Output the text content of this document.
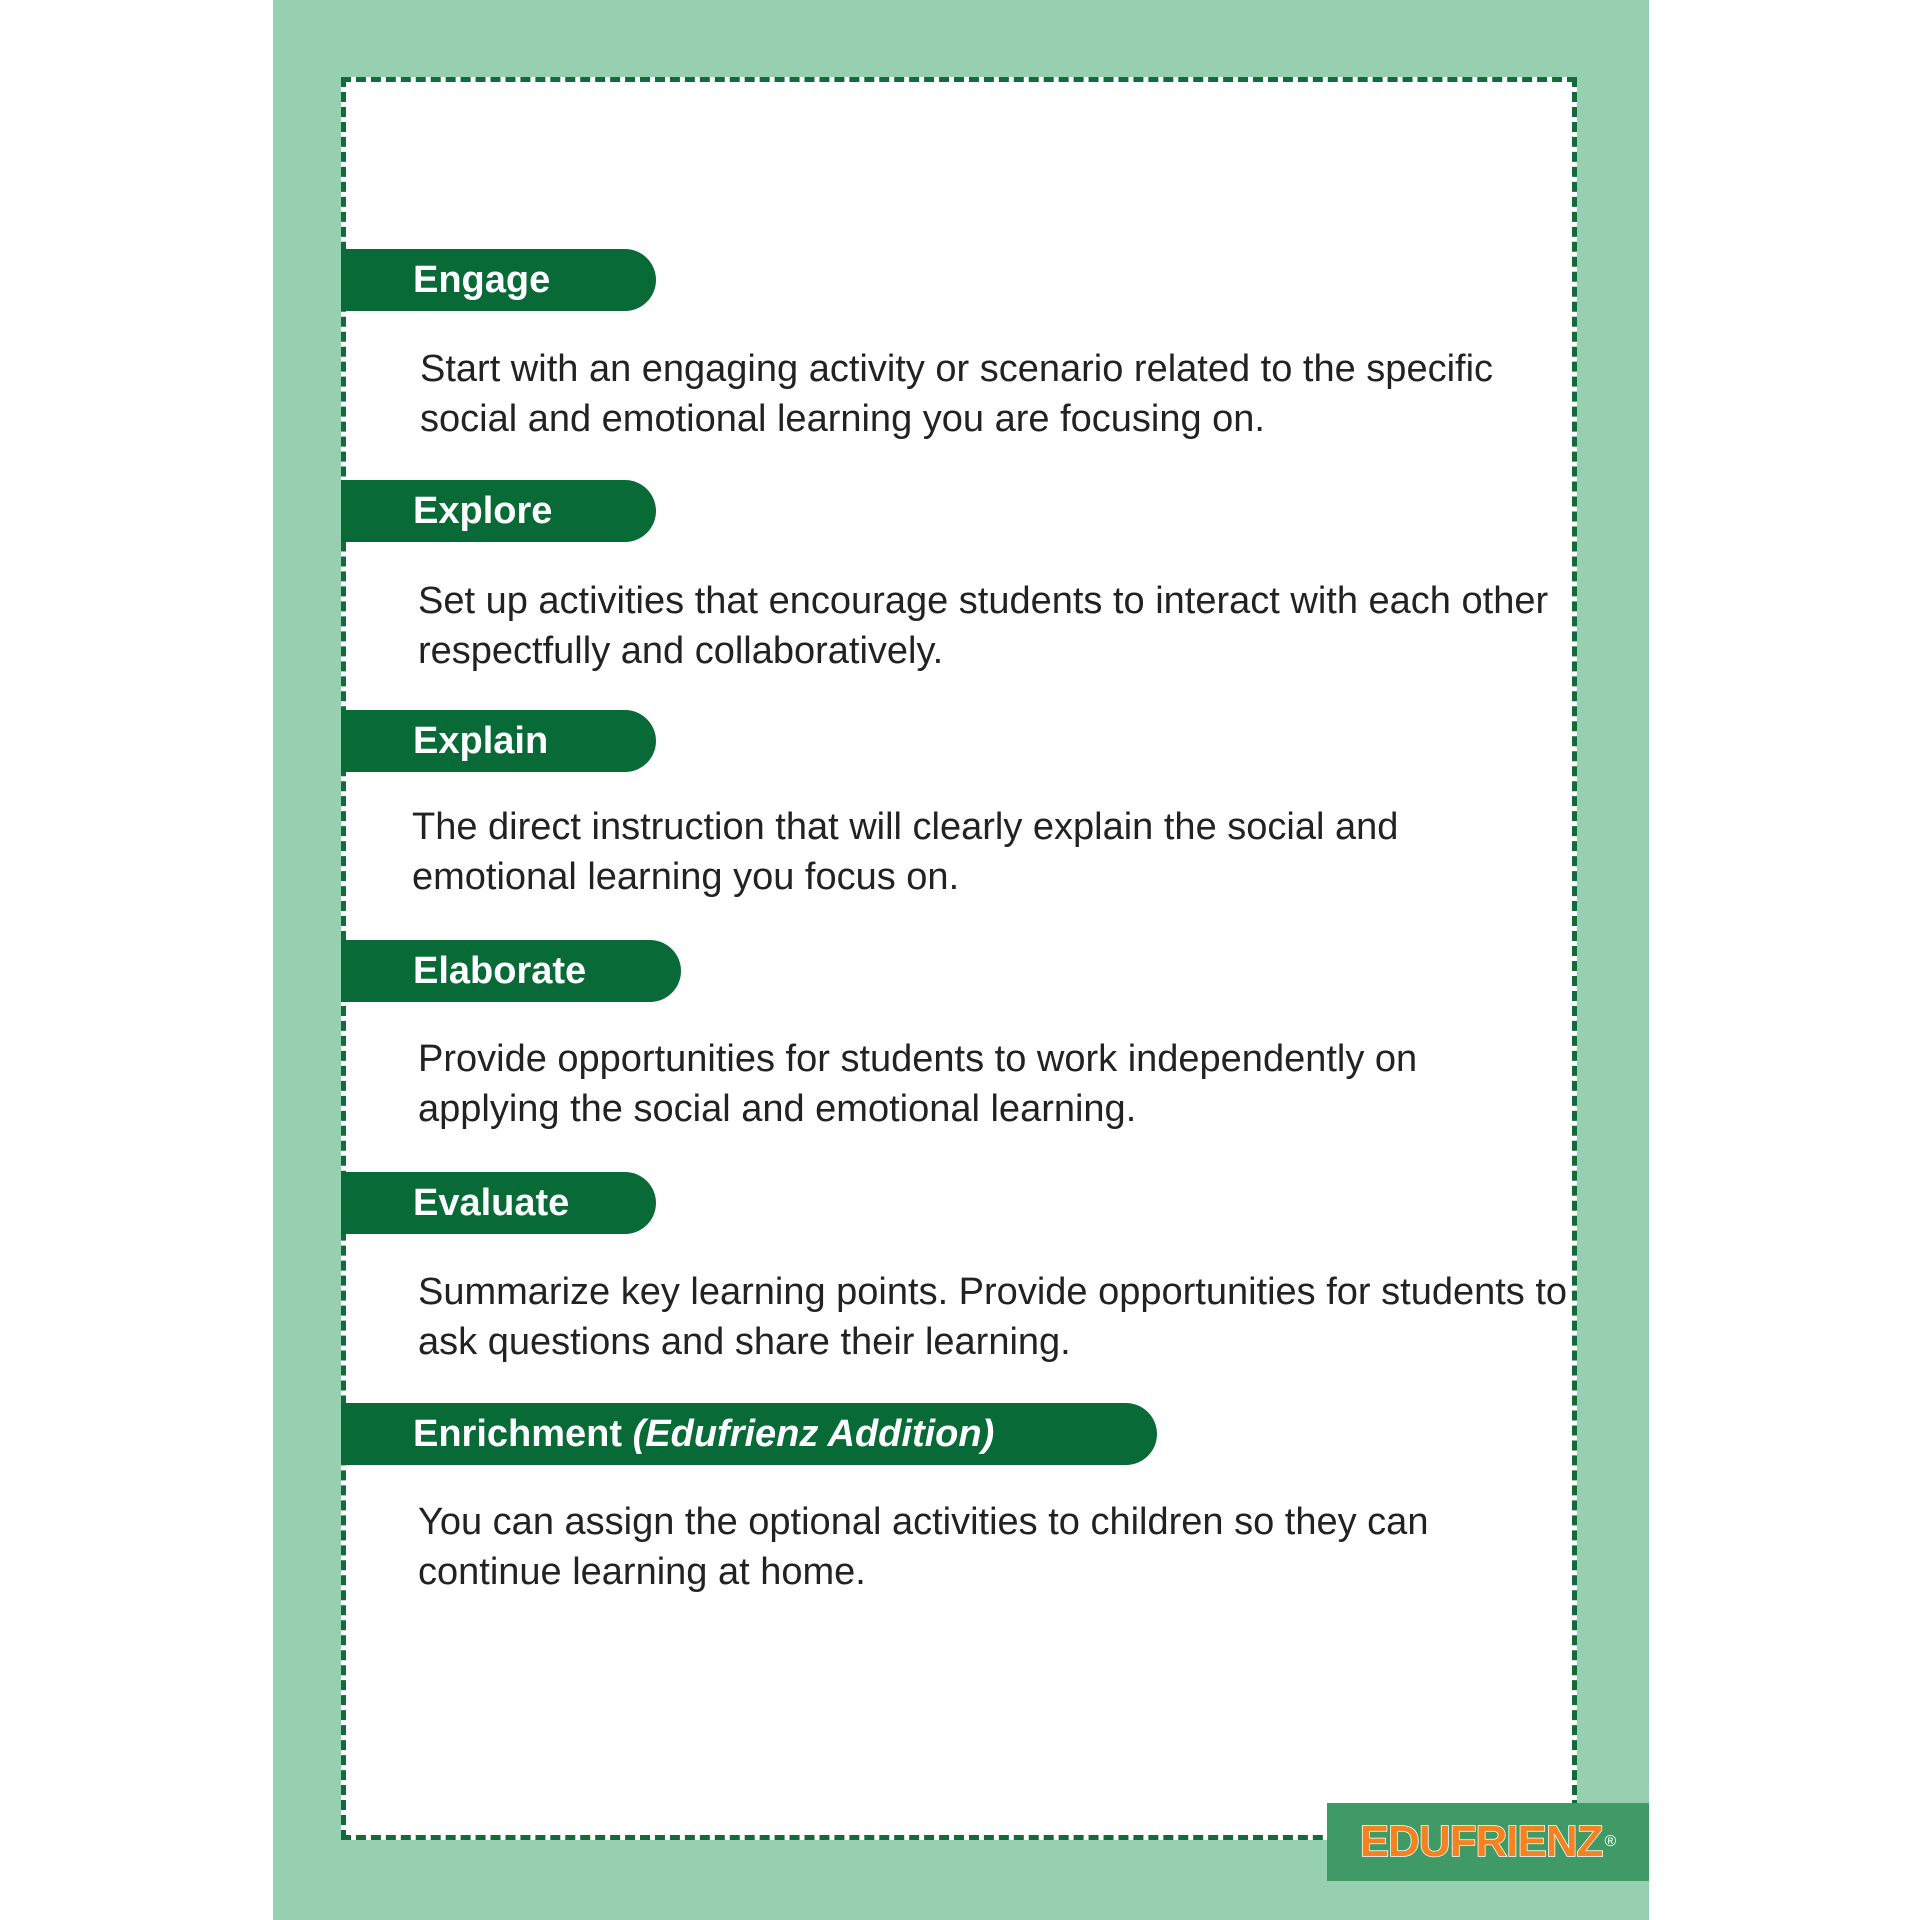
Engage
Start with an engaging activity or scenario related to the specific social and emotional learning you are focusing on.
Explore
Set up activities that encourage students to interact with each other respectfully and collaboratively.
Explain
The direct instruction that will clearly explain the social and emotional learning you focus on.
Elaborate
Provide opportunities for students to work independently on applying the social and emotional learning.
Evaluate
Summarize key learning points. Provide opportunities for students to ask questions and share their learning.
Enrichment (Edufrienz Addition)
You can assign the optional activities to children so they can continue learning at home.
EDUFRIENZ ®
